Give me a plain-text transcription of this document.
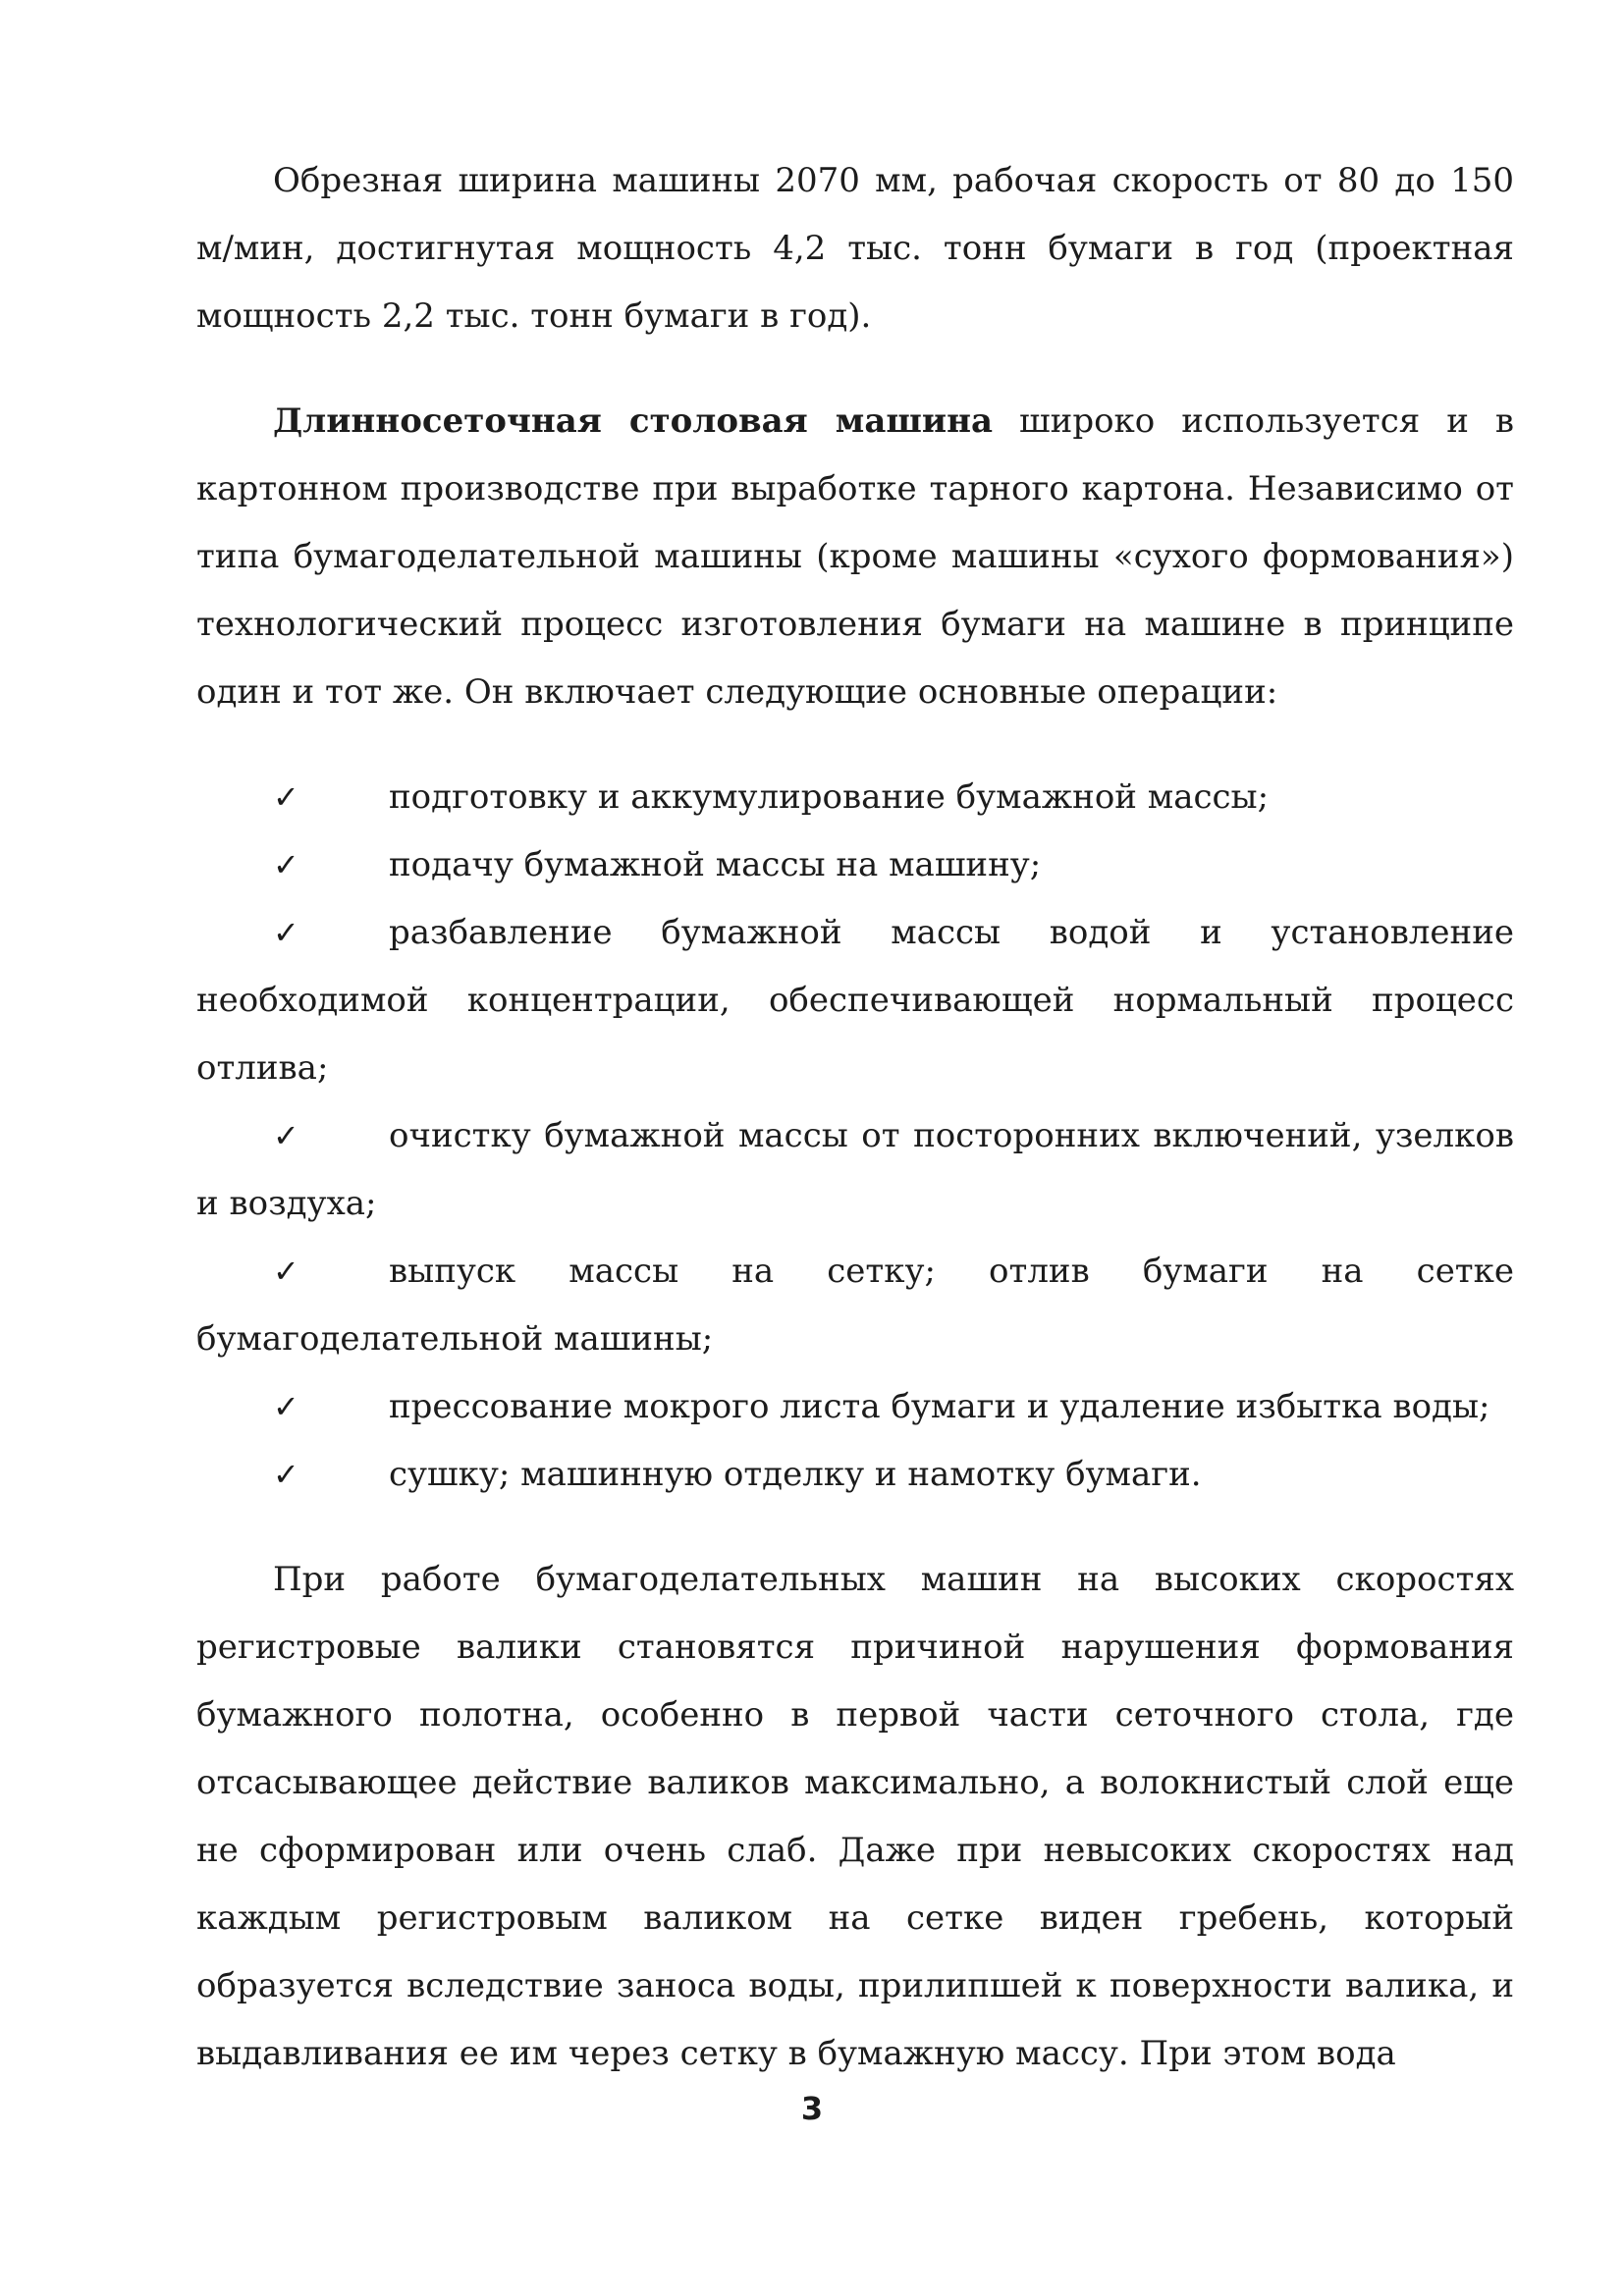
Обрезная ширина машины 2070 мм, рабочая скорость от 80 до 150 м/мин, достигнутая мощность 4,2 тыс. тонн бумаги в год (проектная мощность 2,2 тыс. тонн бумаги в год).

Длинносеточная столовая машина широко используется и в картонном производстве при выработке тарного картона. Независимо от типа бумагоделательной машины (кроме машины «сухого формования») технологический процесс изготовления бумаги на машине в принципе один и тот же. Он включает следующие основные операции:

✓	подготовку и аккумулирование бумажной массы;

✓	подачу бумажной массы на машину;

✓	разбавление бумажной массы водой и установление необходимой концентрации, обеспечивающей нормальный процесс отлива;

✓	очистку бумажной массы от посторонних включений, узелков и воздуха;

✓	выпуск массы на сетку; отлив бумаги на сетке бумагоделательной машины;

✓	прессование мокрого листа бумаги и удаление избытка воды;

✓	сушку; машинную отделку и намотку бумаги.

При работе бумагоделательных машин на высоких скоростях регистровые валики становятся причиной нарушения формования бумажного полотна, особенно в первой части сеточного стола, где отсасывающее действие валиков максимально, а волокнистый слой еще не сформирован или очень слаб. Даже при невысоких скоростях над каждым регистровым валиком на сетке виден гребень, который образуется вследствие заноса воды, прилипшей к поверхности валика, и выдавливания ее им через сетку в бумажную массу. При этом вода

3
